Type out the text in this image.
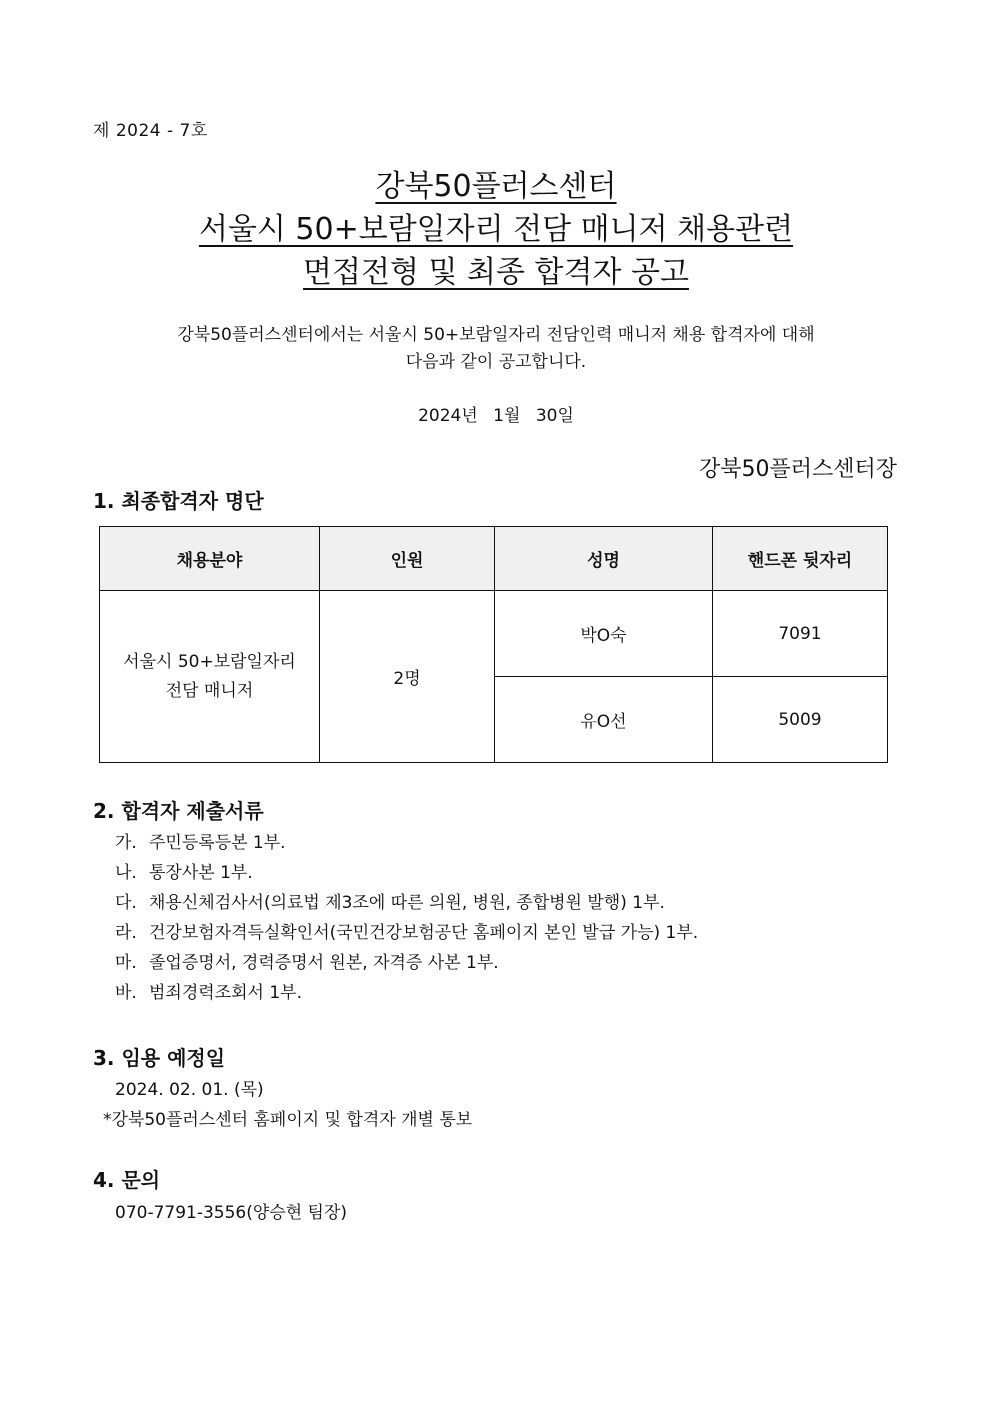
제 2024 - 7호
강북50플러스센터
서울시 50+보람일자리 전담 매니저 채용관련
면접전형 및 최종 합격자 공고
강북50플러스센터에서는 서울시 50+보람일자리 전담인력 매니저 채용 합격자에 대해
다음과 같이 공고합니다.
2024년 1월 30일
강북50플러스센터장
1. 최종합격자 명단
채용분야	인원	성명	핸드폰 뒷자리

서울시 50+보람일자리
전담 매니저	2명	박O숙	7091
		유O선	5009
2. 합격자 제출서류
가. 주민등록등본 1부.
나. 통장사본 1부.
다. 채용신체검사서(의료법 제3조에 따른 의원, 병원, 종합병원 발행) 1부.
라. 건강보험자격득실확인서(국민건강보험공단 홈페이지 본인 발급 가능) 1부.
마. 졸업증명서, 경력증명서 원본, 자격증 사본 1부.
바. 범죄경력조회서 1부.
3. 임용 예정일
2024. 02. 01. (목)
*강북50플러스센터 홈페이지 및 합격자 개별 통보
4. 문의
070-7791-3556(양승현 팀장)
